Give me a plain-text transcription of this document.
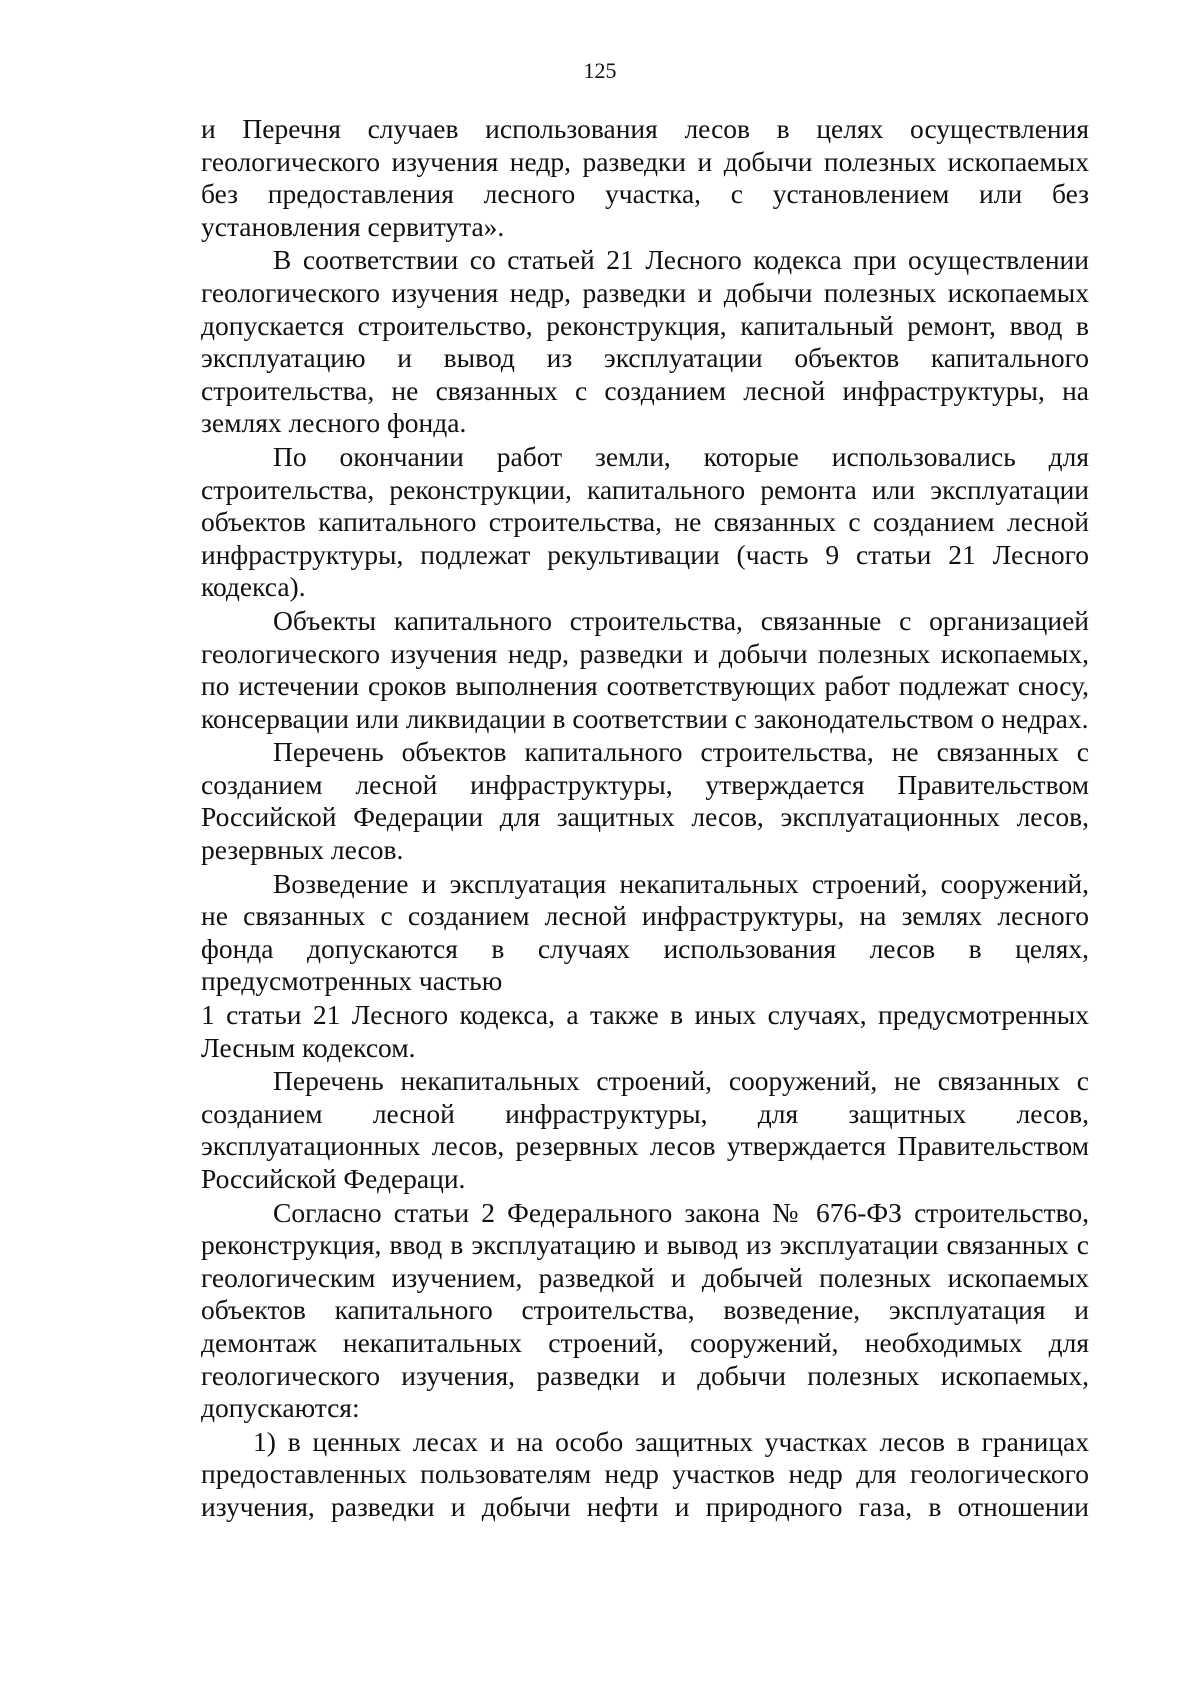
125

и Перечня случаев использования лесов в целях осуществления геологического изучения недр, разведки и добычи полезных ископаемых без предоставления лесного участка, с установлением или без установления сервитута».

В соответствии со статьей 21 Лесного кодекса при осуществлении геологического изучения недр, разведки и добычи полезных ископаемых допускается строительство, реконструкция, капитальный ремонт, ввод в эксплуатацию и вывод из эксплуатации объектов капитального строительства, не связанных с созданием лесной инфраструктуры, на землях лесного фонда.

По окончании работ земли, которые использовались для строительства, реконструкции, капитального ремонта или эксплуатации объектов капитального строительства, не связанных с созданием лесной инфраструктуры, подлежат рекультивации (часть 9 статьи 21 Лесного кодекса).

Объекты капитального строительства, связанные с организацией геологического изучения недр, разведки и добычи полезных ископаемых, по истечении сроков выполнения соответствующих работ подлежат сносу, консервации или ликвидации в соответствии с законодательством о недрах.

Перечень объектов капитального строительства, не связанных с созданием лесной инфраструктуры, утверждается Правительством Российской Федерации для защитных лесов, эксплуатационных лесов, резервных лесов.

Возведение и эксплуатация некапитальных строений, сооружений, не связанных с созданием лесной инфраструктуры, на землях лесного фонда допускаются в случаях использования лесов в целях, предусмотренных частью

1 статьи 21 Лесного кодекса, а также в иных случаях, предусмотренных Лесным кодексом.

Перечень некапитальных строений, сооружений, не связанных с созданием лесной инфраструктуры, для защитных лесов, эксплуатационных лесов, резервных лесов утверждается Правительством Российской Федераци.

Согласно статьи 2 Федерального закона № 676-ФЗ строительство, реконструкция, ввод в эксплуатацию и вывод из эксплуатации связанных с геологическим изучением, разведкой и добычей полезных ископаемых объектов капитального строительства, возведение, эксплуатация и демонтаж некапитальных строений, сооружений, необходимых для геологического изучения, разведки и добычи полезных ископаемых, допускаются:

1) в ценных лесах и на особо защитных участках лесов в границах предоставленных пользователям недр участков недр для геологического изучения, разведки и добычи нефти и природного газа, в отношении
